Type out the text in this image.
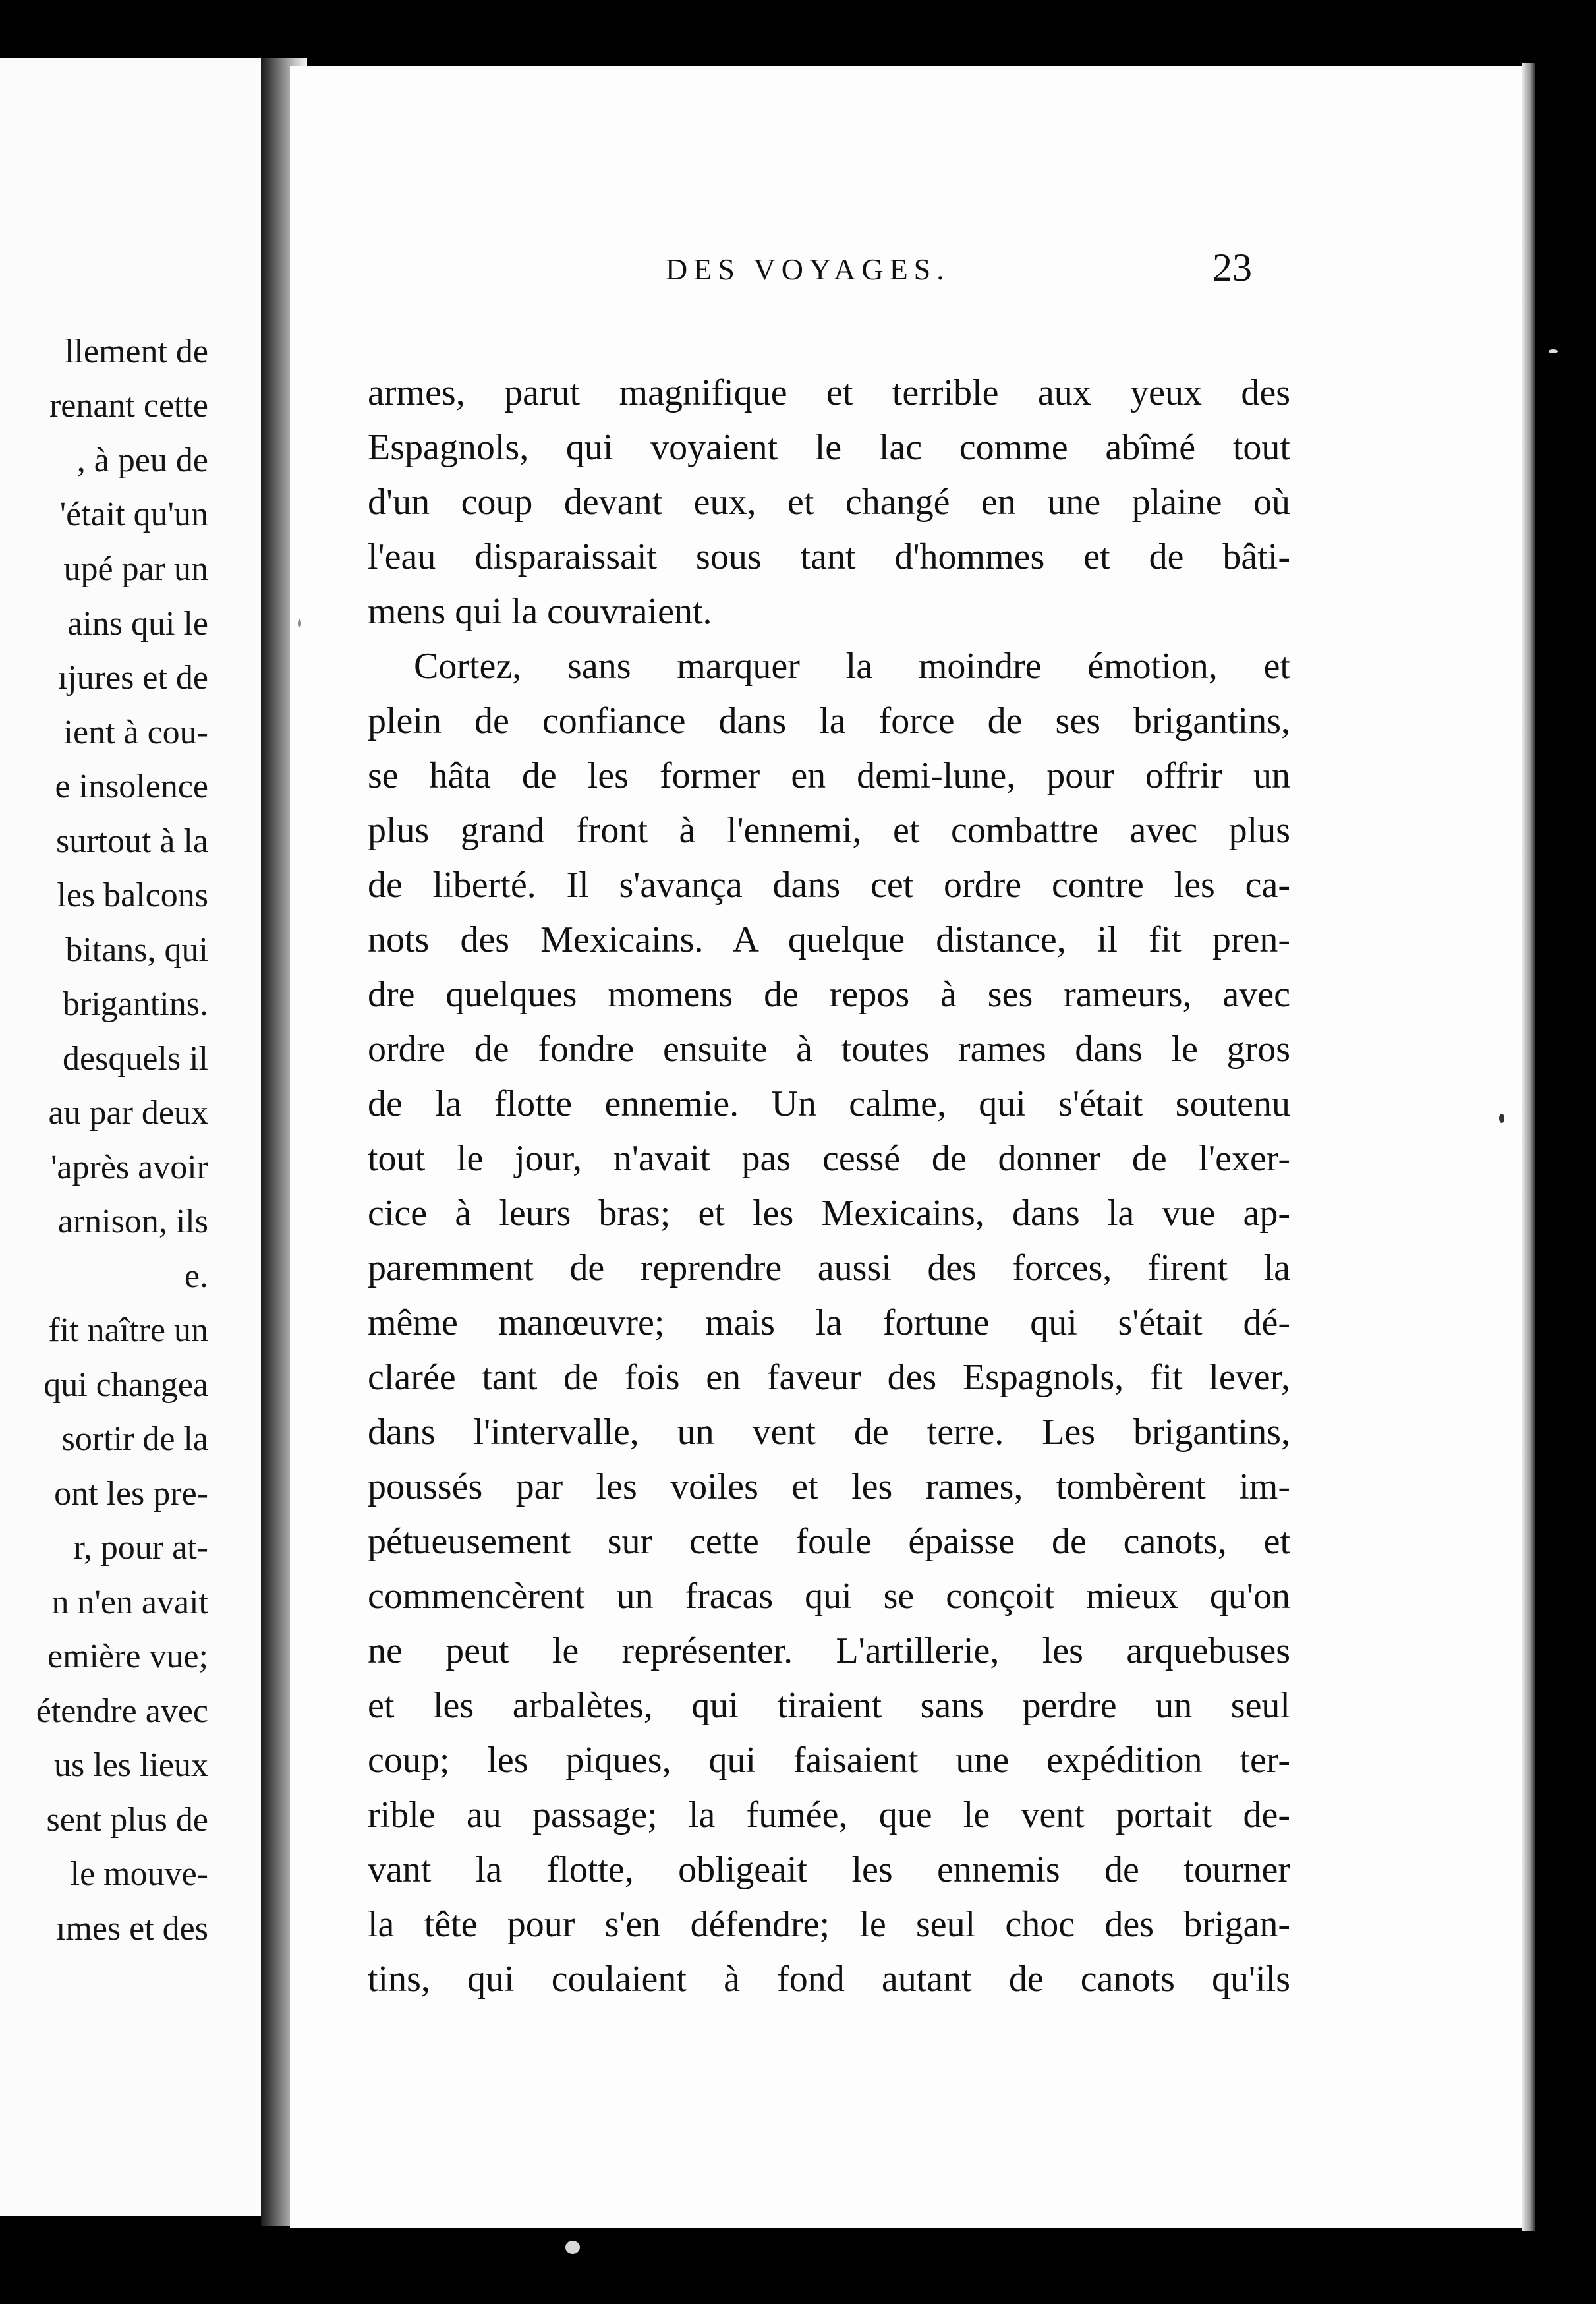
llement de
renant cette
, à peu de
'était qu'un
upé par un
ains qui le
ıjures et de
ient à cou-
e insolence
surtout à la
les balcons
bitans, qui
brigantins.
desquels il
au par deux
'après avoir
arnison, ils
e.
fit naître un
qui changea
sortir de la
ont les pre-
r, pour at-
n n'en avait
emière vue;
étendre avec
us les lieux
sent plus de
le mouve-
ımes et des
DES VOYAGES.	23
armes, parut magnifique et terrible aux yeux des
Espagnols, qui voyaient le lac comme abîmé tout
d'un coup devant eux, et changé en une plaine où
l'eau disparaissait sous tant d'hommes et de bâti-
mens qui la couvraient.
Cortez, sans marquer la moindre émotion, et
plein de confiance dans la force de ses brigantins,
se hâta de les former en demi-lune, pour offrir un
plus grand front à l'ennemi, et combattre avec plus
de liberté. Il s'avança dans cet ordre contre les ca-
nots des Mexicains. A quelque distance, il fit pren-
dre quelques momens de repos à ses rameurs, avec
ordre de fondre ensuite à toutes rames dans le gros
de la flotte ennemie. Un calme, qui s'était soutenu
tout le jour, n'avait pas cessé de donner de l'exer-
cice à leurs bras; et les Mexicains, dans la vue ap-
paremment de reprendre aussi des forces, firent la
même manœuvre; mais la fortune qui s'était dé-
clarée tant de fois en faveur des Espagnols, fit lever,
dans l'intervalle, un vent de terre. Les brigantins,
poussés par les voiles et les rames, tombèrent im-
pétueusement sur cette foule épaisse de canots, et
commencèrent un fracas qui se conçoit mieux qu'on
ne peut le représenter. L'artillerie, les arquebuses
et les arbalètes, qui tiraient sans perdre un seul
coup; les piques, qui faisaient une expédition ter-
rible au passage; la fumée, que le vent portait de-
vant la flotte, obligeait les ennemis de tourner
la tête pour s'en défendre; le seul choc des brigan-
tins, qui coulaient à fond autant de canots qu'ils
